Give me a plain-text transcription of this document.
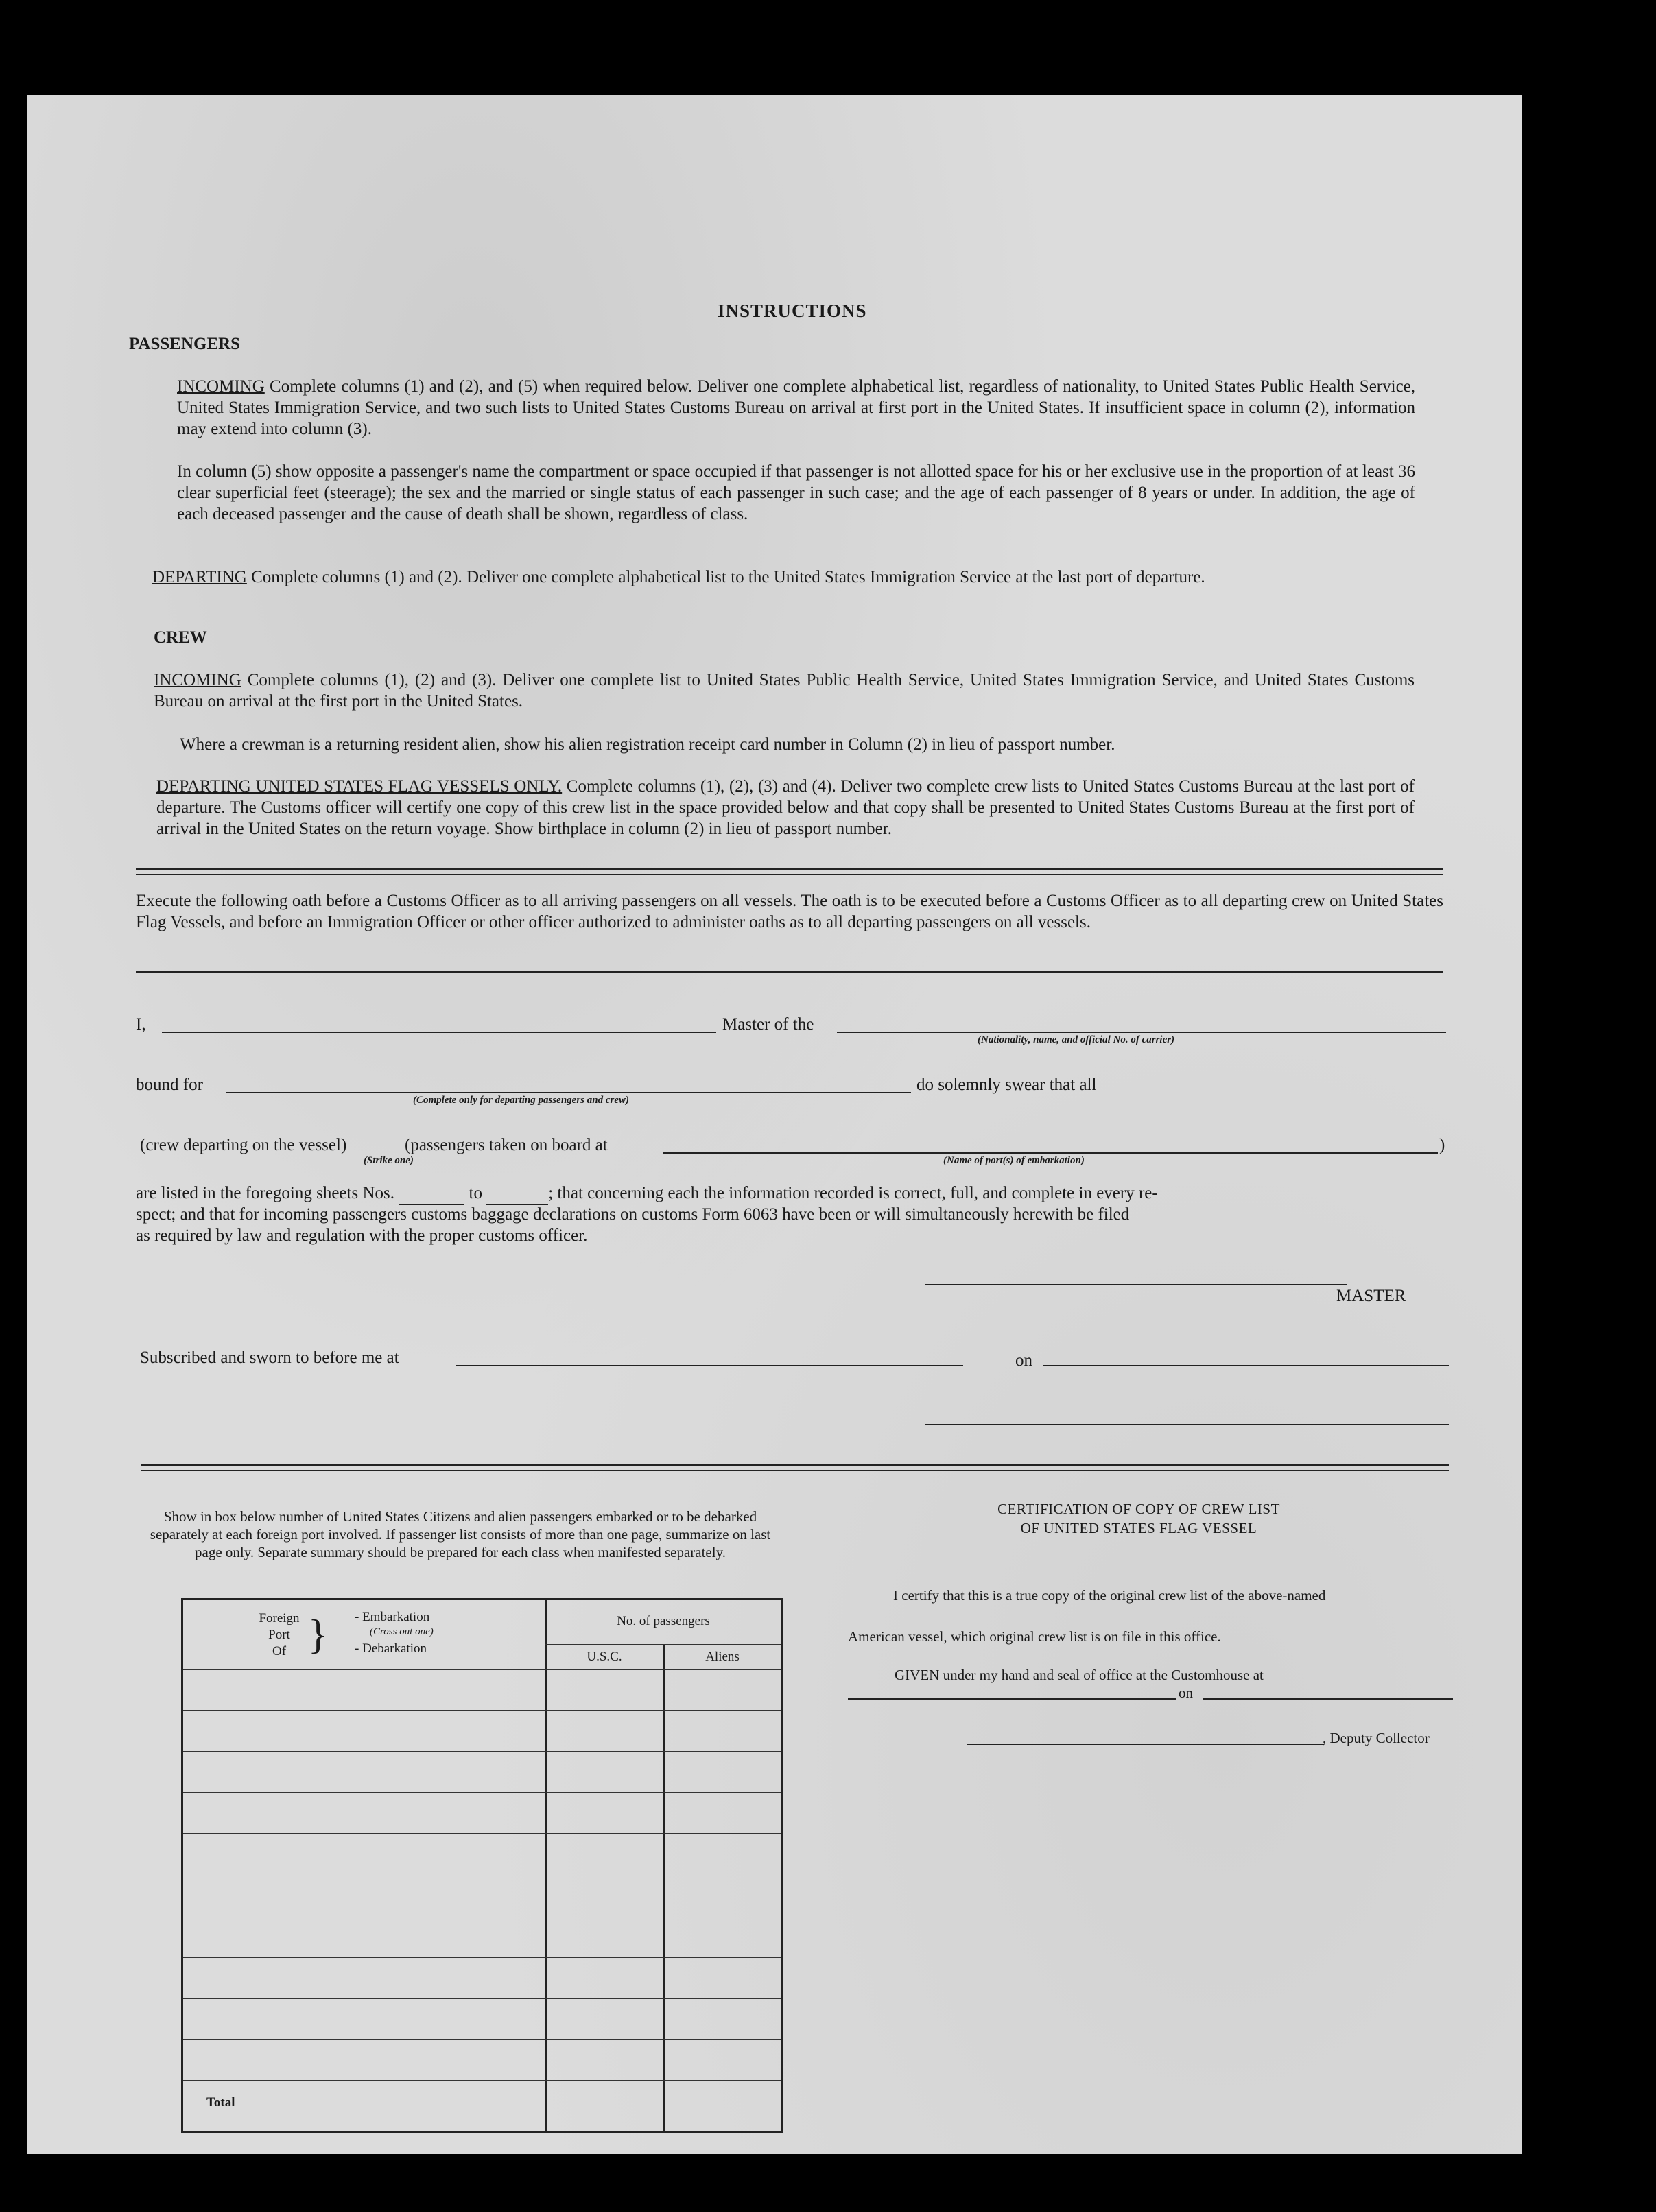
INSTRUCTIONS
PASSENGERS
INCOMING Complete columns (1) and (2), and (5) when required below. Deliver one complete alphabetical list, regardless of nationality, to United States Public Health Service, United States Immigration Service, and two such lists to United States Customs Bureau on arrival at first port in the United States. If insufficient space in column (2), information may extend into column (3).
In column (5) show opposite a passenger's name the compartment or space occupied if that passenger is not allotted space for his or her exclusive use in the proportion of at least 36 clear superficial feet (steerage); the sex and the married or single status of each passenger in such case; and the age of each passenger of 8 years or under. In addition, the age of each deceased passenger and the cause of death shall be shown, regardless of class.
DEPARTING Complete columns (1) and (2). Deliver one complete alphabetical list to the United States Immigration Service at the last port of departure.
CREW
INCOMING Complete columns (1), (2) and (3). Deliver one complete list to United States Public Health Service, United States Immigration Service, and United States Customs Bureau on arrival at the first port in the United States.
Where a crewman is a returning resident alien, show his alien registration receipt card number in Column (2) in lieu of passport number.
DEPARTING UNITED STATES FLAG VESSELS ONLY. Complete columns (1), (2), (3) and (4). Deliver two complete crew lists to United States Customs Bureau at the last port of departure. The Customs officer will certify one copy of this crew list in the space provided below and that copy shall be presented to United States Customs Bureau at the first port of arrival in the United States on the return voyage. Show birthplace in column (2) in lieu of passport number.
Execute the following oath before a Customs Officer as to all arriving passengers on all vessels. The oath is to be executed before a Customs Officer as to all departing crew on United States Flag Vessels, and before an Immigration Officer or other officer authorized to administer oaths as to all departing passengers on all vessels.
I,	Master of the
(Nationality, name, and official No. of carrier)
bound for
(Complete only for departing passengers and crew)
do solemnly swear that all
(crew departing on the vessel)	(passengers taken on board at	)
(Strike one)	(Name of port(s) of embarkation)
are listed in the foregoing sheets Nos.	to	; that concerning each the information recorded is correct, full, and complete in every re-
spect; and that for incoming passengers customs baggage declarations on customs Form 6063 have been or will simultaneously herewith be filed
as required by law and regulation with the proper customs officer.
MASTER
Subscribed and sworn to before me at	on
Show in box below number of United States Citizens and alien passengers embarked or to be debarked separately at each foreign port involved. If passenger list consists of more than one page, summarize on last page only. Separate summary should be prepared for each class when manifested separately.
Foreign
Port
Of } - Embarkation
(Cross out one)
- Debarkation
No. of passengers
U.S.C.	Aliens
Total
CERTIFICATION OF COPY OF CREW LIST
OF UNITED STATES FLAG VESSEL
I certify that this is a true copy of the original crew list of the above-named
American vessel, which original crew list is on file in this office.
GIVEN under my hand and seal of office at the Customhouse at
on
, Deputy Collector
